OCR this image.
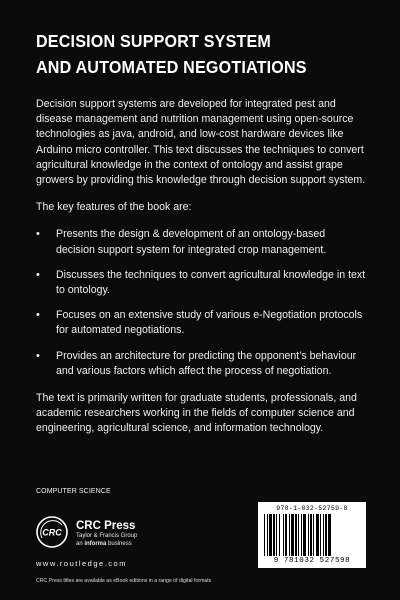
DECISION SUPPORT SYSTEM
AND AUTOMATED NEGOTIATIONS

Decision support systems are developed for integrated pest and disease management and nutrition management using open-source technologies as java, android, and low-cost hardware devices like Arduino micro controller. This text discusses the techniques to convert agricultural knowledge in the context of ontology and assist grape growers by providing this knowledge through decision support system.

The key features of the book are:

• Presents the design & development of an ontology-based decision support system for integrated crop management.
• Discusses the techniques to convert agricultural knowledge in text to ontology.
• Focuses on an extensive study of various e-Negotiation protocols for automated negotiations.
• Provides an architecture for predicting the opponent’s behaviour and various factors which affect the process of negotiation.

The text is primarily written for graduate students, professionals, and academic researchers working in the fields of computer science and engineering, agricultural science, and information technology.

COMPUTER SCIENCE
CRC
CRC Press
Taylor & Francis Group
an informa business
www.routledge.com
CRC Press titles are available as eBook editions in a range of digital formats
978-1-032-52759-8
9 781032 527598
